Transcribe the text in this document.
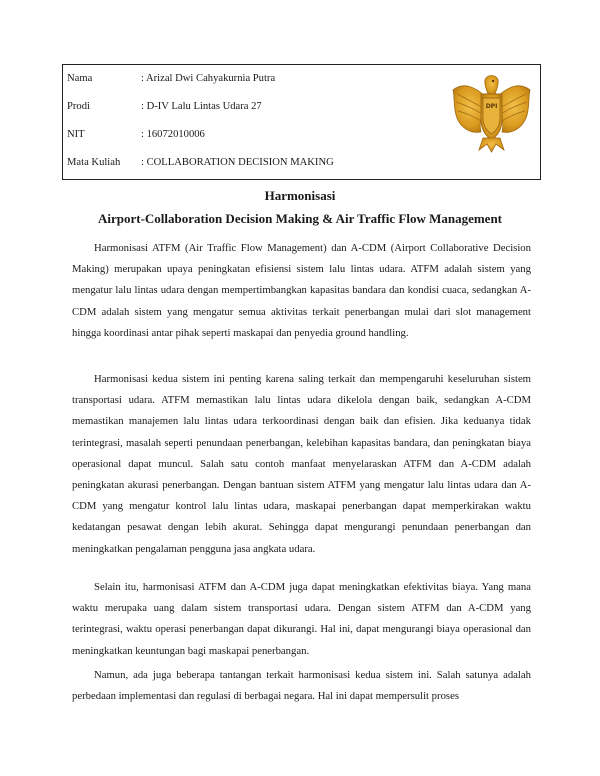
Nama	: Arizal Dwi Cahyakurnia Putra
Prodi	: D-IV Lalu Lintas Udara 27
NIT	: 16072010006
Mata Kuliah : COLLABORATION DECISION MAKING
DPI
Harmonisasi
Airport-Collaboration Decision Making & Air Traffic Flow Management

Harmonisasi ATFM (Air Traffic Flow Management) dan A-CDM (Airport Collaborative Decision Making) merupakan upaya peningkatan efisiensi sistem lalu lintas udara. ATFM adalah sistem yang mengatur lalu lintas udara dengan mempertimbangkan kapasitas bandara dan kondisi cuaca, sedangkan A-CDM adalah sistem yang mengatur semua aktivitas terkait penerbangan mulai dari slot management hingga koordinasi antar pihak seperti maskapai dan penyedia ground handling.

Harmonisasi kedua sistem ini penting karena saling terkait dan mempengaruhi keseluruhan sistem transportasi udara. ATFM memastikan lalu lintas udara dikelola dengan baik, sedangkan A-CDM memastikan manajemen lalu lintas udara terkoordinasi dengan baik dan efisien. Jika keduanya tidak terintegrasi, masalah seperti penundaan penerbangan, kelebihan kapasitas bandara, dan peningkatan biaya operasional dapat muncul. Salah satu contoh manfaat menyelaraskan ATFM dan A-CDM adalah peningkatan akurasi penerbangan. Dengan bantuan sistem ATFM yang mengatur lalu lintas udara dan A-CDM yang mengatur kontrol lalu lintas udara, maskapai penerbangan dapat memperkirakan waktu kedatangan pesawat dengan lebih akurat. Sehingga dapat mengurangi penundaan penerbangan dan meningkatkan pengalaman pengguna jasa angkata udara.

Selain itu, harmonisasi ATFM dan A-CDM juga dapat meningkatkan efektivitas biaya. Yang mana waktu merupaka uang dalam sistem transportasi udara. Dengan sistem ATFM dan A-CDM yang terintegrasi, waktu operasi penerbangan dapat dikurangi. Hal ini, dapat mengurangi biaya operasional dan meningkatkan keuntungan bagi maskapai penerbangan.

Namun, ada juga beberapa tantangan terkait harmonisasi kedua sistem ini. Salah satunya adalah perbedaan implementasi dan regulasi di berbagai negara. Hal ini dapat mempersulit proses
